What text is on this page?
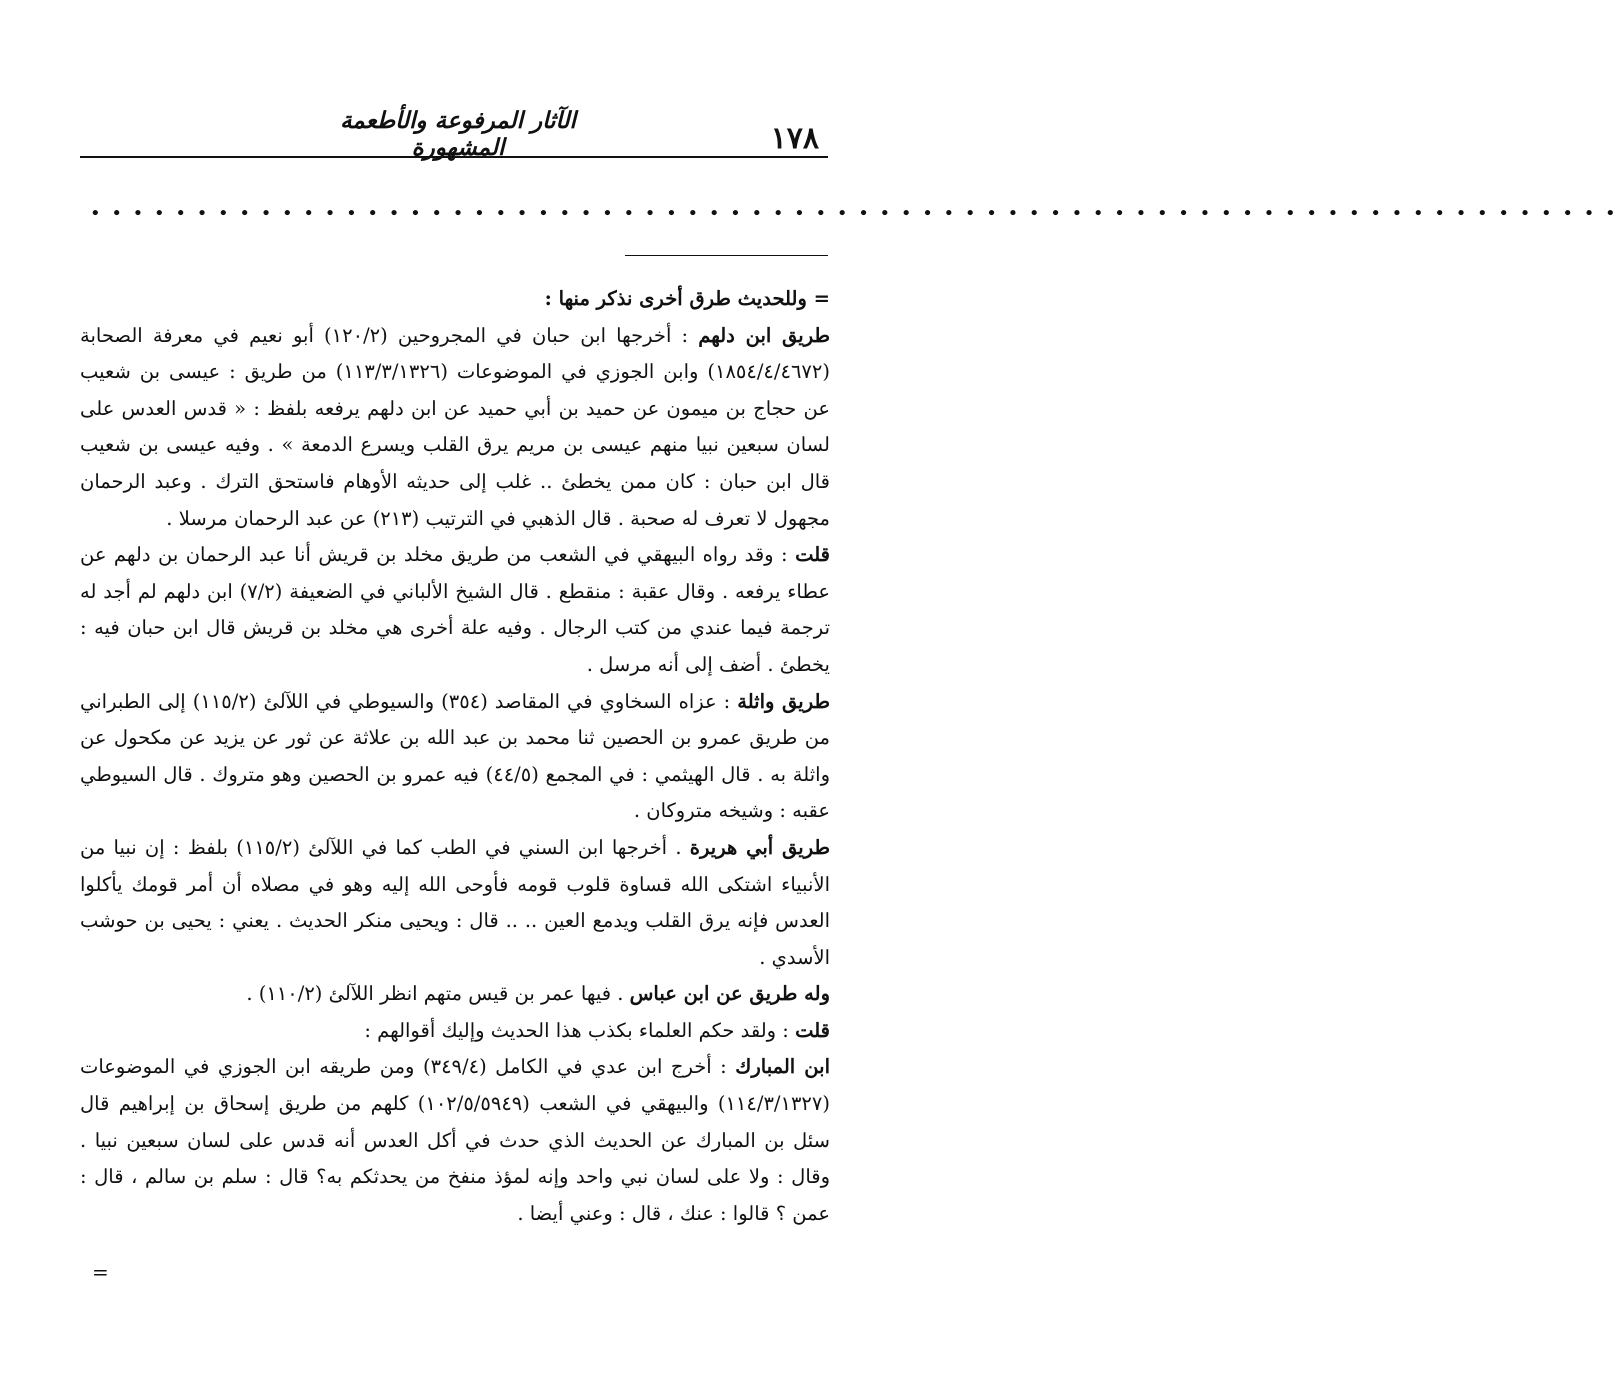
١٧٨
الآثار المرفوعة والأطعمة المشهورة
• • • • • • • • • • • • • • • • • • • • • • • • • • • • • • • • • • • • • • • • • • • • • • • • • • • • • • • • • • • • • • • • • • • • • • • •

= وللحديث طرق أخرى نذكر منها :

طريق ابن دلهم : أخرجها ابن حبان في المجروحين (١٢٠/٢) أبو نعيم في معرفة الصحابة (١٨٥٤/٤/٤٦٧٢) وابن الجوزي في الموضوعات (١١٣/٣/١٣٢٦) من طريق : عيسى بن شعيب عن حجاج بن ميمون عن حميد بن أبي حميد عن ابن دلهم يرفعه بلفظ : « قدس العدس على لسان سبعين نبيا منهم عيسى بن مريم يرق القلب ويسرع الدمعة » . وفيه عيسى بن شعيب قال ابن حبان : كان ممن يخطئ .. غلب إلى حديثه الأوهام فاستحق الترك . وعبد الرحمان مجهول لا تعرف له صحبة . قال الذهبي في الترتيب (٢١٣) عن عبد الرحمان مرسلا .

قلت : وقد رواه البيهقي في الشعب من طريق مخلد بن قريش أنا عبد الرحمان بن دلهم عن عطاء يرفعه . وقال عقبة : منقطع . قال الشيخ الألباني في الضعيفة (٧/٢) ابن دلهم لم أجد له ترجمة فيما عندي من كتب الرجال . وفيه علة أخرى هي مخلد بن قريش قال ابن حبان فيه : يخطئ . أضف إلى أنه مرسل .

طريق واثلة : عزاه السخاوي في المقاصد (٣٥٤) والسيوطي في اللآلئ (١١٥/٢) إلى الطبراني من طريق عمرو بن الحصين ثنا محمد بن عبد الله بن علاثة عن ثور عن يزيد عن مكحول عن واثلة به . قال الهيثمي : في المجمع (٤٤/٥) فيه عمرو بن الحصين وهو متروك . قال السيوطي عقبه : وشيخه متروكان .

طريق أبي هريرة . أخرجها ابن السني في الطب كما في اللآلئ (١١٥/٢) بلفظ : إن نبيا من الأنبياء اشتكى الله قساوة قلوب قومه فأوحى الله إليه وهو في مصلاه أن أمر قومك يأكلوا العدس فإنه يرق القلب ويدمع العين .. .. قال : ويحيى منكر الحديث . يعني : يحيى بن حوشب الأسدي .

وله طريق عن ابن عباس . فيها عمر بن قيس متهم انظر اللآلئ (١١٠/٢) .

قلت : ولقد حكم العلماء بكذب هذا الحديث وإليك أقوالهم :

ابن المبارك : أخرج ابن عدي في الكامل (٣٤٩/٤) ومن طريقه ابن الجوزي في الموضوعات (١١٤/٣/١٣٢٧) والبيهقي في الشعب (١٠٢/٥/٥٩٤٩) كلهم من طريق إسحاق بن إبراهيم قال سئل بن المبارك عن الحديث الذي حدث في أكل العدس أنه قدس على لسان سبعين نبيا . وقال : ولا على لسان نبي واحد وإنه لمؤذ منفخ من يحدثكم به؟ قال : سلم بن سالم ، قال : عمن ؟ قالوا : عنك ، قال : وعني أيضا .

=
